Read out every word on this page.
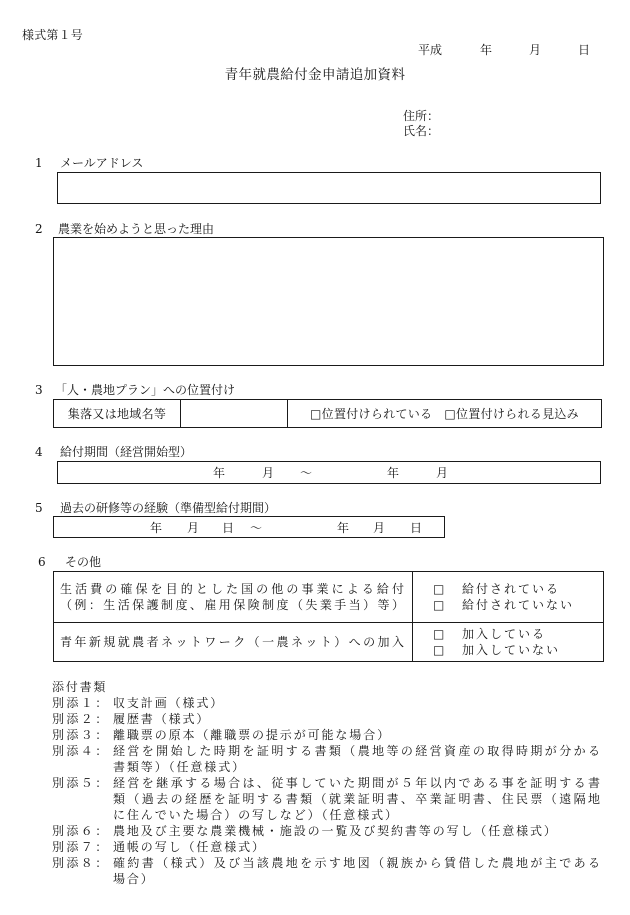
様式第１号
平成	年	月	日
青年就農給付金申請追加資料
住所：
氏名：
1 メールアドレス
2 農業を始めようと思った理由
3 「人・農地プラン」への位置付け
集落又は地域名等	□位置付けられている □位置付けられる見込み
4 給付期間（経営開始型）
年	月 ～	年	月
5 過去の研修等の経験（準備型給付期間）
年 月 日 ～	年 月 日
6 その他
生活費の確保を目的とした国の他の事業による給付
（例：生活保護制度、雇用保険制度（失業手当）等）
□	給付されている
□	給付されていない
青年新規就農者ネットワーク（一農ネット）への加入
□	加入している
□	加入していない
添付書類
別添１： 収支計画（様式）
別添２： 履歴書（様式）
別添３： 離職票の原本（離職票の提示が可能な場合）
別添４： 経営を開始した時期を証明する書類（農地等の経営資産の取得時期が分かる
書類等）（任意様式）
別添５： 経営を継承する場合は、従事していた期間が５年以内である事を証明する書
類（過去の経歴を証明する書類（就業証明書、卒業証明書、住民票（遠隔地
に住んでいた場合）の写しなど）（任意様式）
別添６： 農地及び主要な農業機械・施設の一覧及び契約書等の写し（任意様式）
別添７： 通帳の写し（任意様式）
別添８： 確約書（様式）及び当該農地を示す地図（親族から賃借した農地が主である
場合）
